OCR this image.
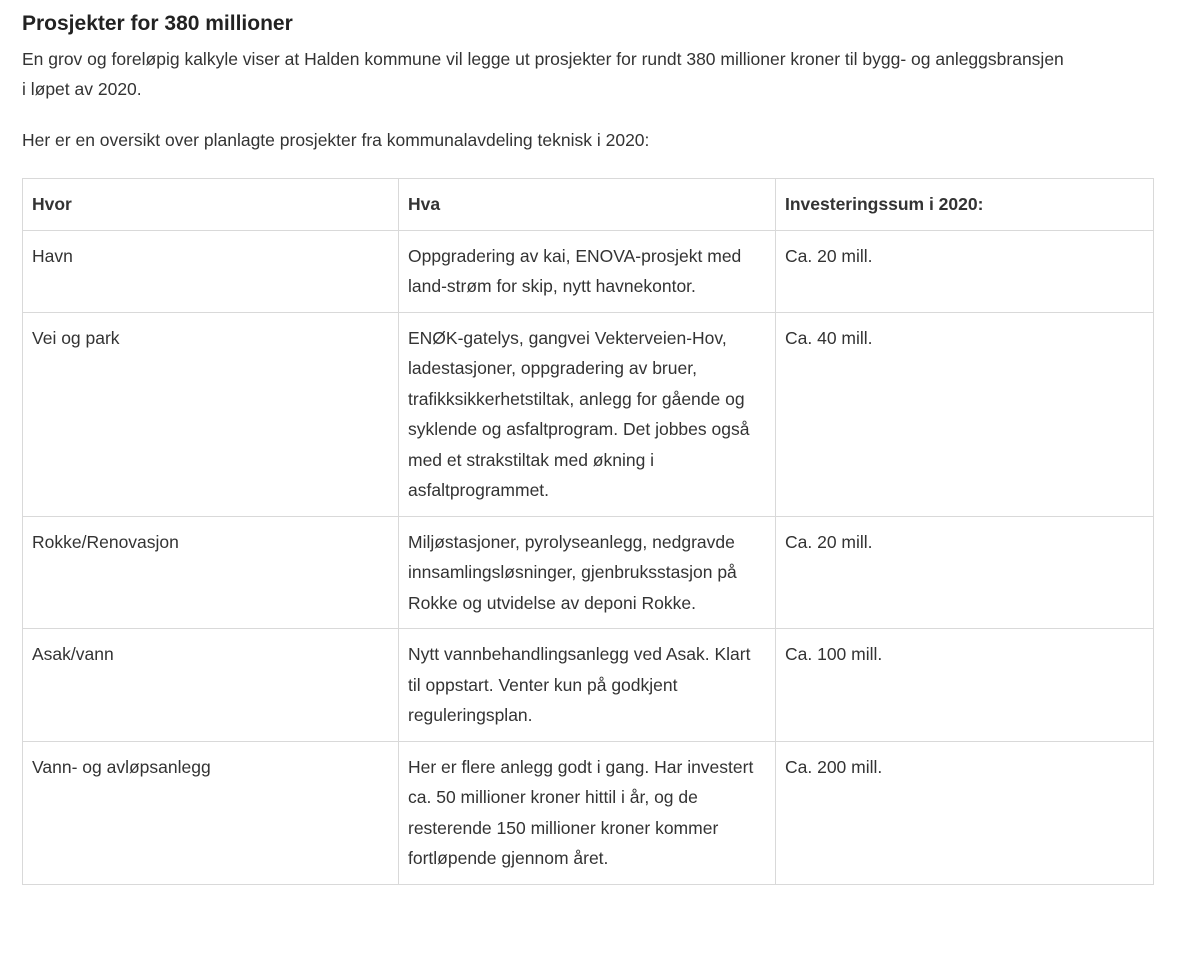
Prosjekter for 380 millioner

En grov og foreløpig kalkyle viser at Halden kommune vil legge ut prosjekter for rundt 380 millioner kroner til bygg- og anleggsbransjen i løpet av 2020.

Her er en oversikt over planlagte prosjekter fra kommunalavdeling teknisk i 2020:

Hvor	Hva	Investeringssum i 2020:
Havn	Oppgradering av kai, ENOVA-prosjekt med land-strøm for skip, nytt havnekontor.	Ca. 20 mill.
Vei og park	ENØK-gatelys, gangvei Vekterveien-Hov, ladestasjoner, oppgradering av bruer, trafikksikkerhetstiltak, anlegg for gående og syklende og asfaltprogram. Det jobbes også med et strakstiltak med økning i asfaltprogrammet.	Ca. 40 mill.
Rokke/Renovasjon	Miljøstasjoner, pyrolyseanlegg, nedgravde innsamlingsløsninger, gjenbruksstasjon på Rokke og utvidelse av deponi Rokke.	Ca. 20 mill.
Asak/vann	Nytt vannbehandlingsanlegg ved Asak. Klart til oppstart. Venter kun på godkjent reguleringsplan.	Ca. 100 mill.
Vann- og avløpsanlegg	Her er flere anlegg godt i gang. Har investert ca. 50 millioner kroner hittil i år, og de resterende 150 millioner kroner kommer fortløpende gjennom året.	Ca. 200 mill.
